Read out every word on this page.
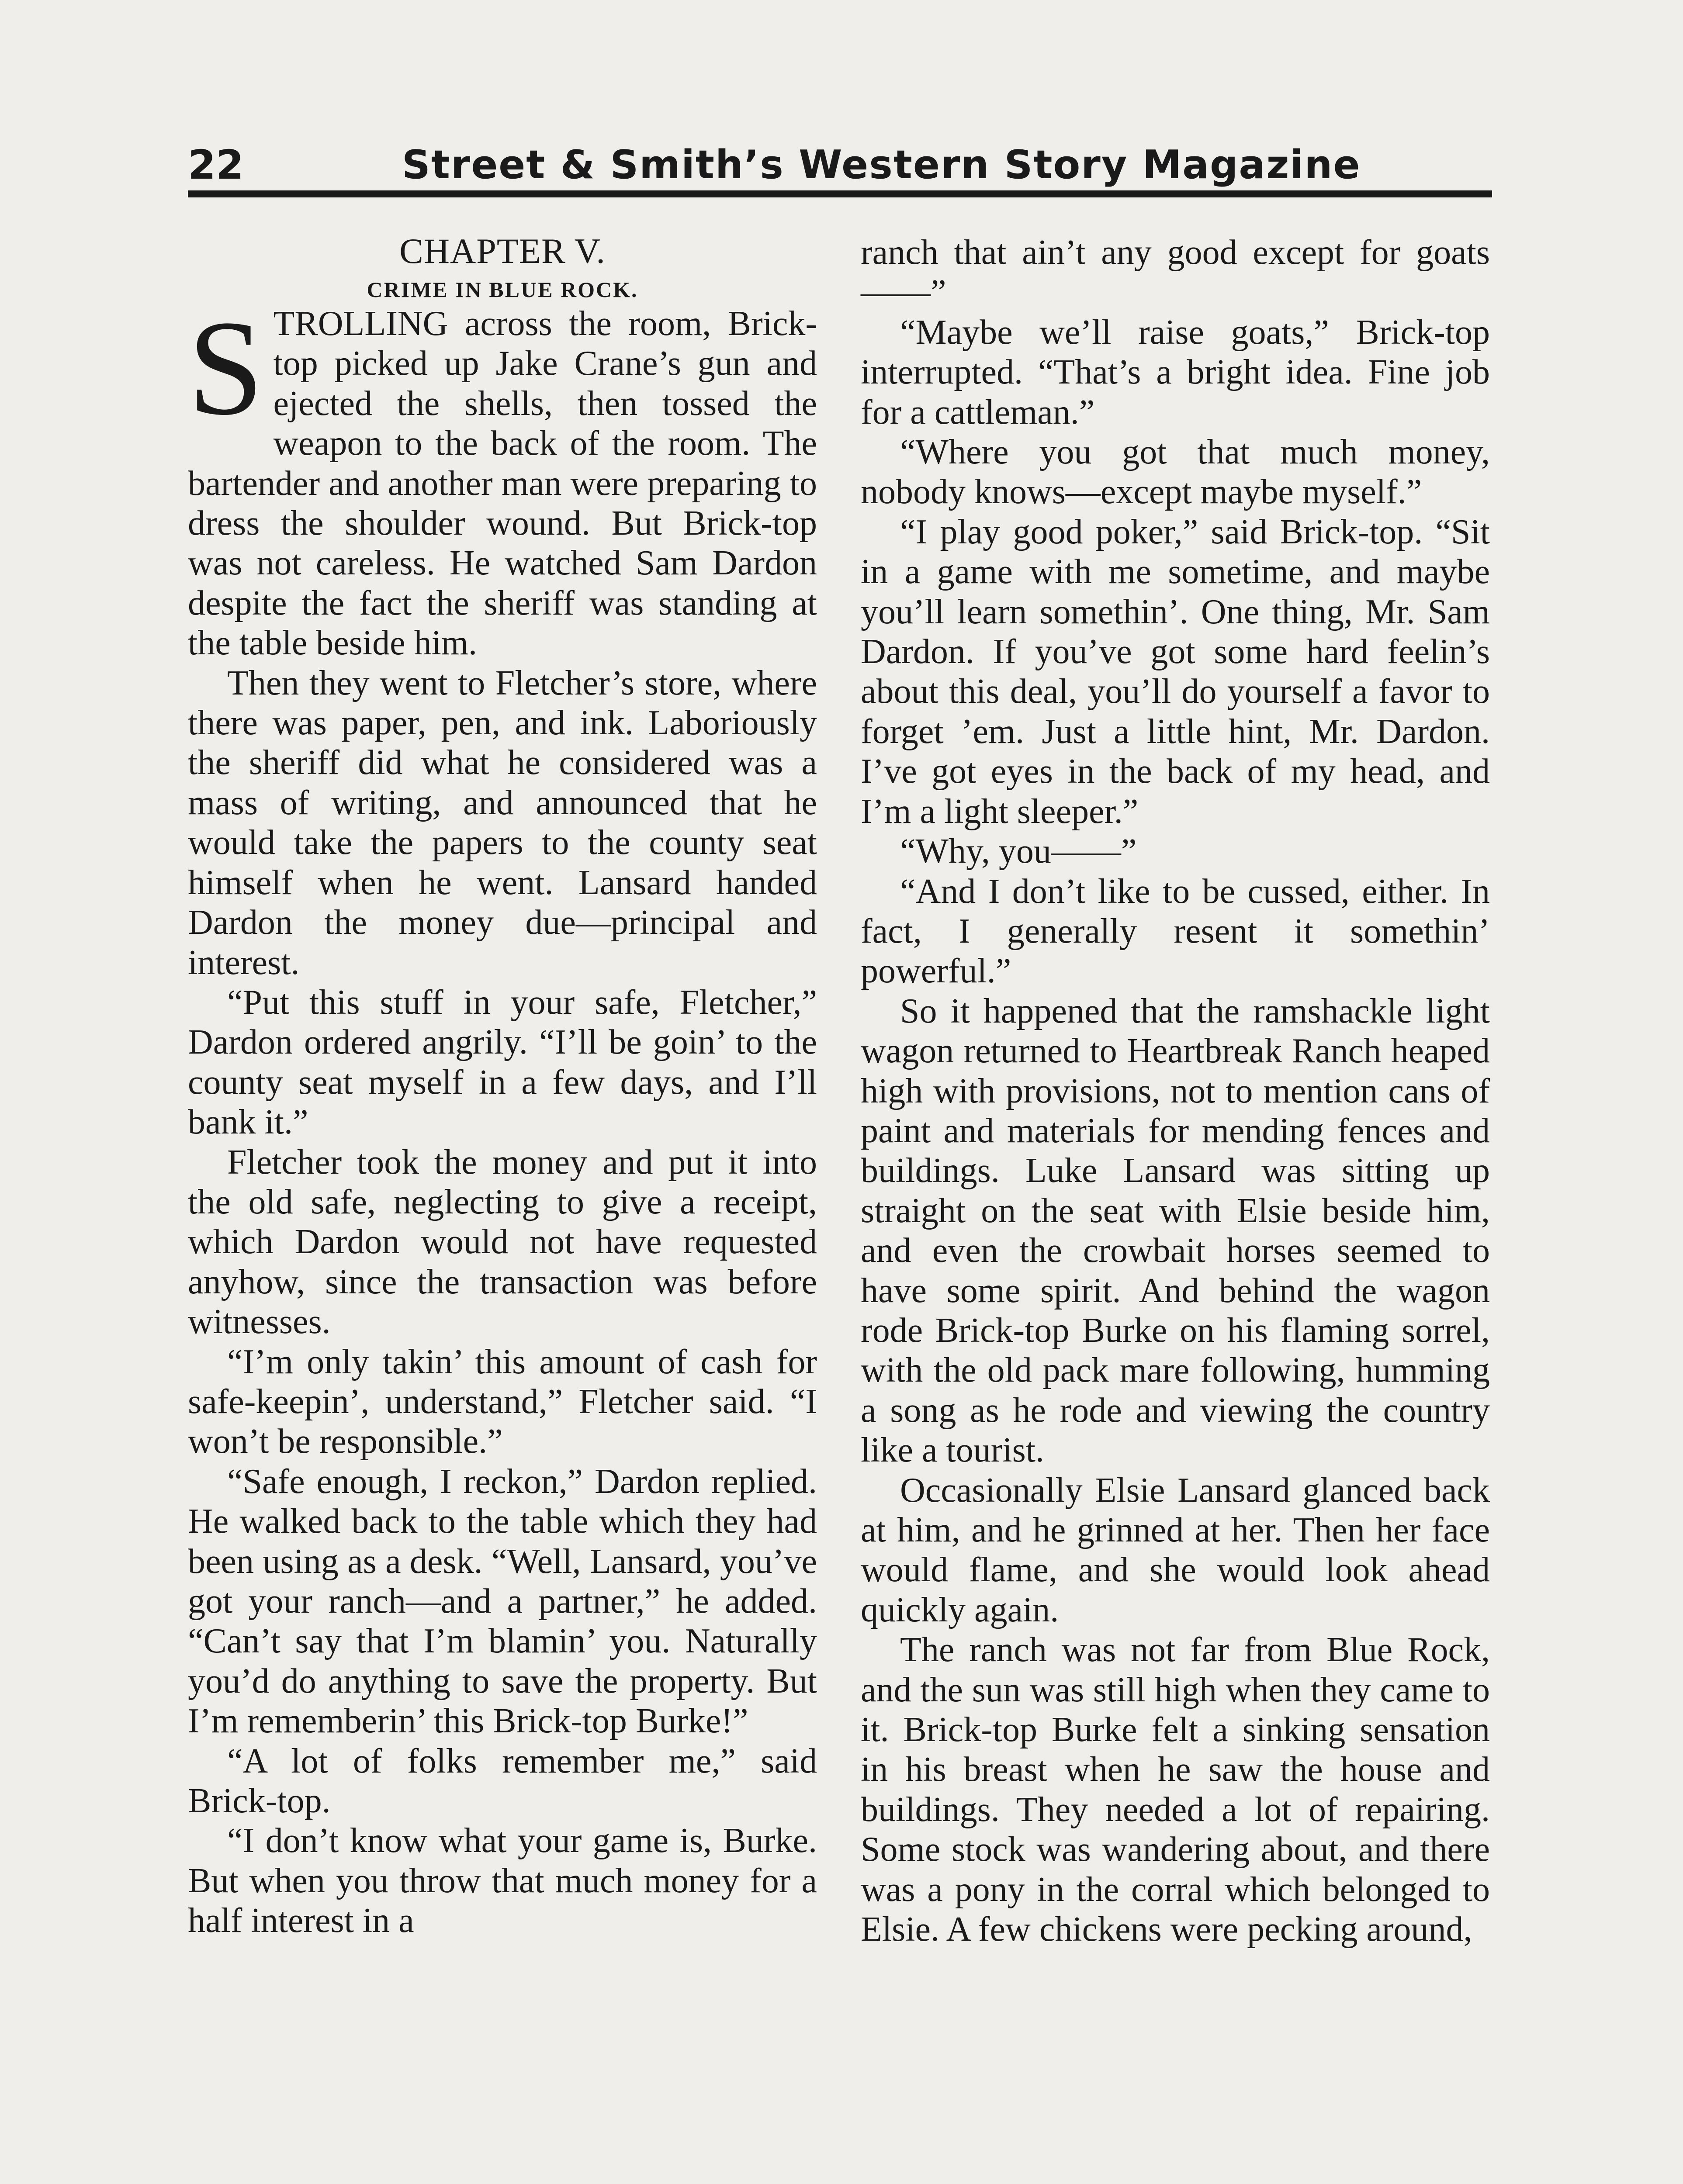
22	Street & Smith’s Western Story Magazine

CHAPTER V.

CRIME IN BLUE ROCK.

STROLLING across the room, Brick-top picked up Jake Crane’s gun and ejected the shells, then tossed the weapon to the back of the room. The bartender and another man were preparing to dress the shoulder wound. But Brick-top was not careless. He watched Sam Dardon despite the fact the sheriff was standing at the table beside him.

Then they went to Fletcher’s store, where there was paper, pen, and ink. Laboriously the sheriff did what he considered was a mass of writing, and announced that he would take the papers to the county seat himself when he went. Lansard handed Dardon the money due—principal and interest.

“Put this stuff in your safe, Fletcher,” Dardon ordered angrily. “I’ll be goin’ to the county seat myself in a few days, and I’ll bank it.”

Fletcher took the money and put it into the old safe, neglecting to give a receipt, which Dardon would not have requested anyhow, since the transaction was before witnesses.

“I’m only takin’ this amount of cash for safe-keepin’, understand,” Fletcher said. “I won’t be responsible.”

“Safe enough, I reckon,” Dardon replied. He walked back to the table which they had been using as a desk. “Well, Lansard, you’ve got your ranch—and a partner,” he added. “Can’t say that I’m blamin’ you. Naturally you’d do anything to save the property. But I’m rememberin’ this Brick-top Burke!”

“A lot of folks remember me,” said Brick-top.

“I don’t know what your game is, Burke. But when you throw that much money for a half interest in a

ranch that ain’t any good except for goats——”

“Maybe we’ll raise goats,” Brick-top interrupted. “That’s a bright idea. Fine job for a cattleman.”

“Where you got that much money, nobody knows—except maybe myself.”

“I play good poker,” said Brick-top. “Sit in a game with me sometime, and maybe you’ll learn somethin’. One thing, Mr. Sam Dardon. If you’ve got some hard feelin’s about this deal, you’ll do yourself a favor to forget ’em. Just a little hint, Mr. Dardon. I’ve got eyes in the back of my head, and I’m a light sleeper.”

“Why, you——”

“And I don’t like to be cussed, either. In fact, I generally resent it somethin’ powerful.”

So it happened that the ramshackle light wagon returned to Heartbreak Ranch heaped high with provisions, not to mention cans of paint and materials for mending fences and buildings. Luke Lansard was sitting up straight on the seat with Elsie beside him, and even the crowbait horses seemed to have some spirit. And behind the wagon rode Brick-top Burke on his flaming sorrel, with the old pack mare following, humming a song as he rode and viewing the country like a tourist.

Occasionally Elsie Lansard glanced back at him, and he grinned at her. Then her face would flame, and she would look ahead quickly again.

The ranch was not far from Blue Rock, and the sun was still high when they came to it. Brick-top Burke felt a sinking sensation in his breast when he saw the house and buildings. They needed a lot of repairing. Some stock was wandering about, and there was a pony in the corral which belonged to Elsie. A few chickens were pecking around,
